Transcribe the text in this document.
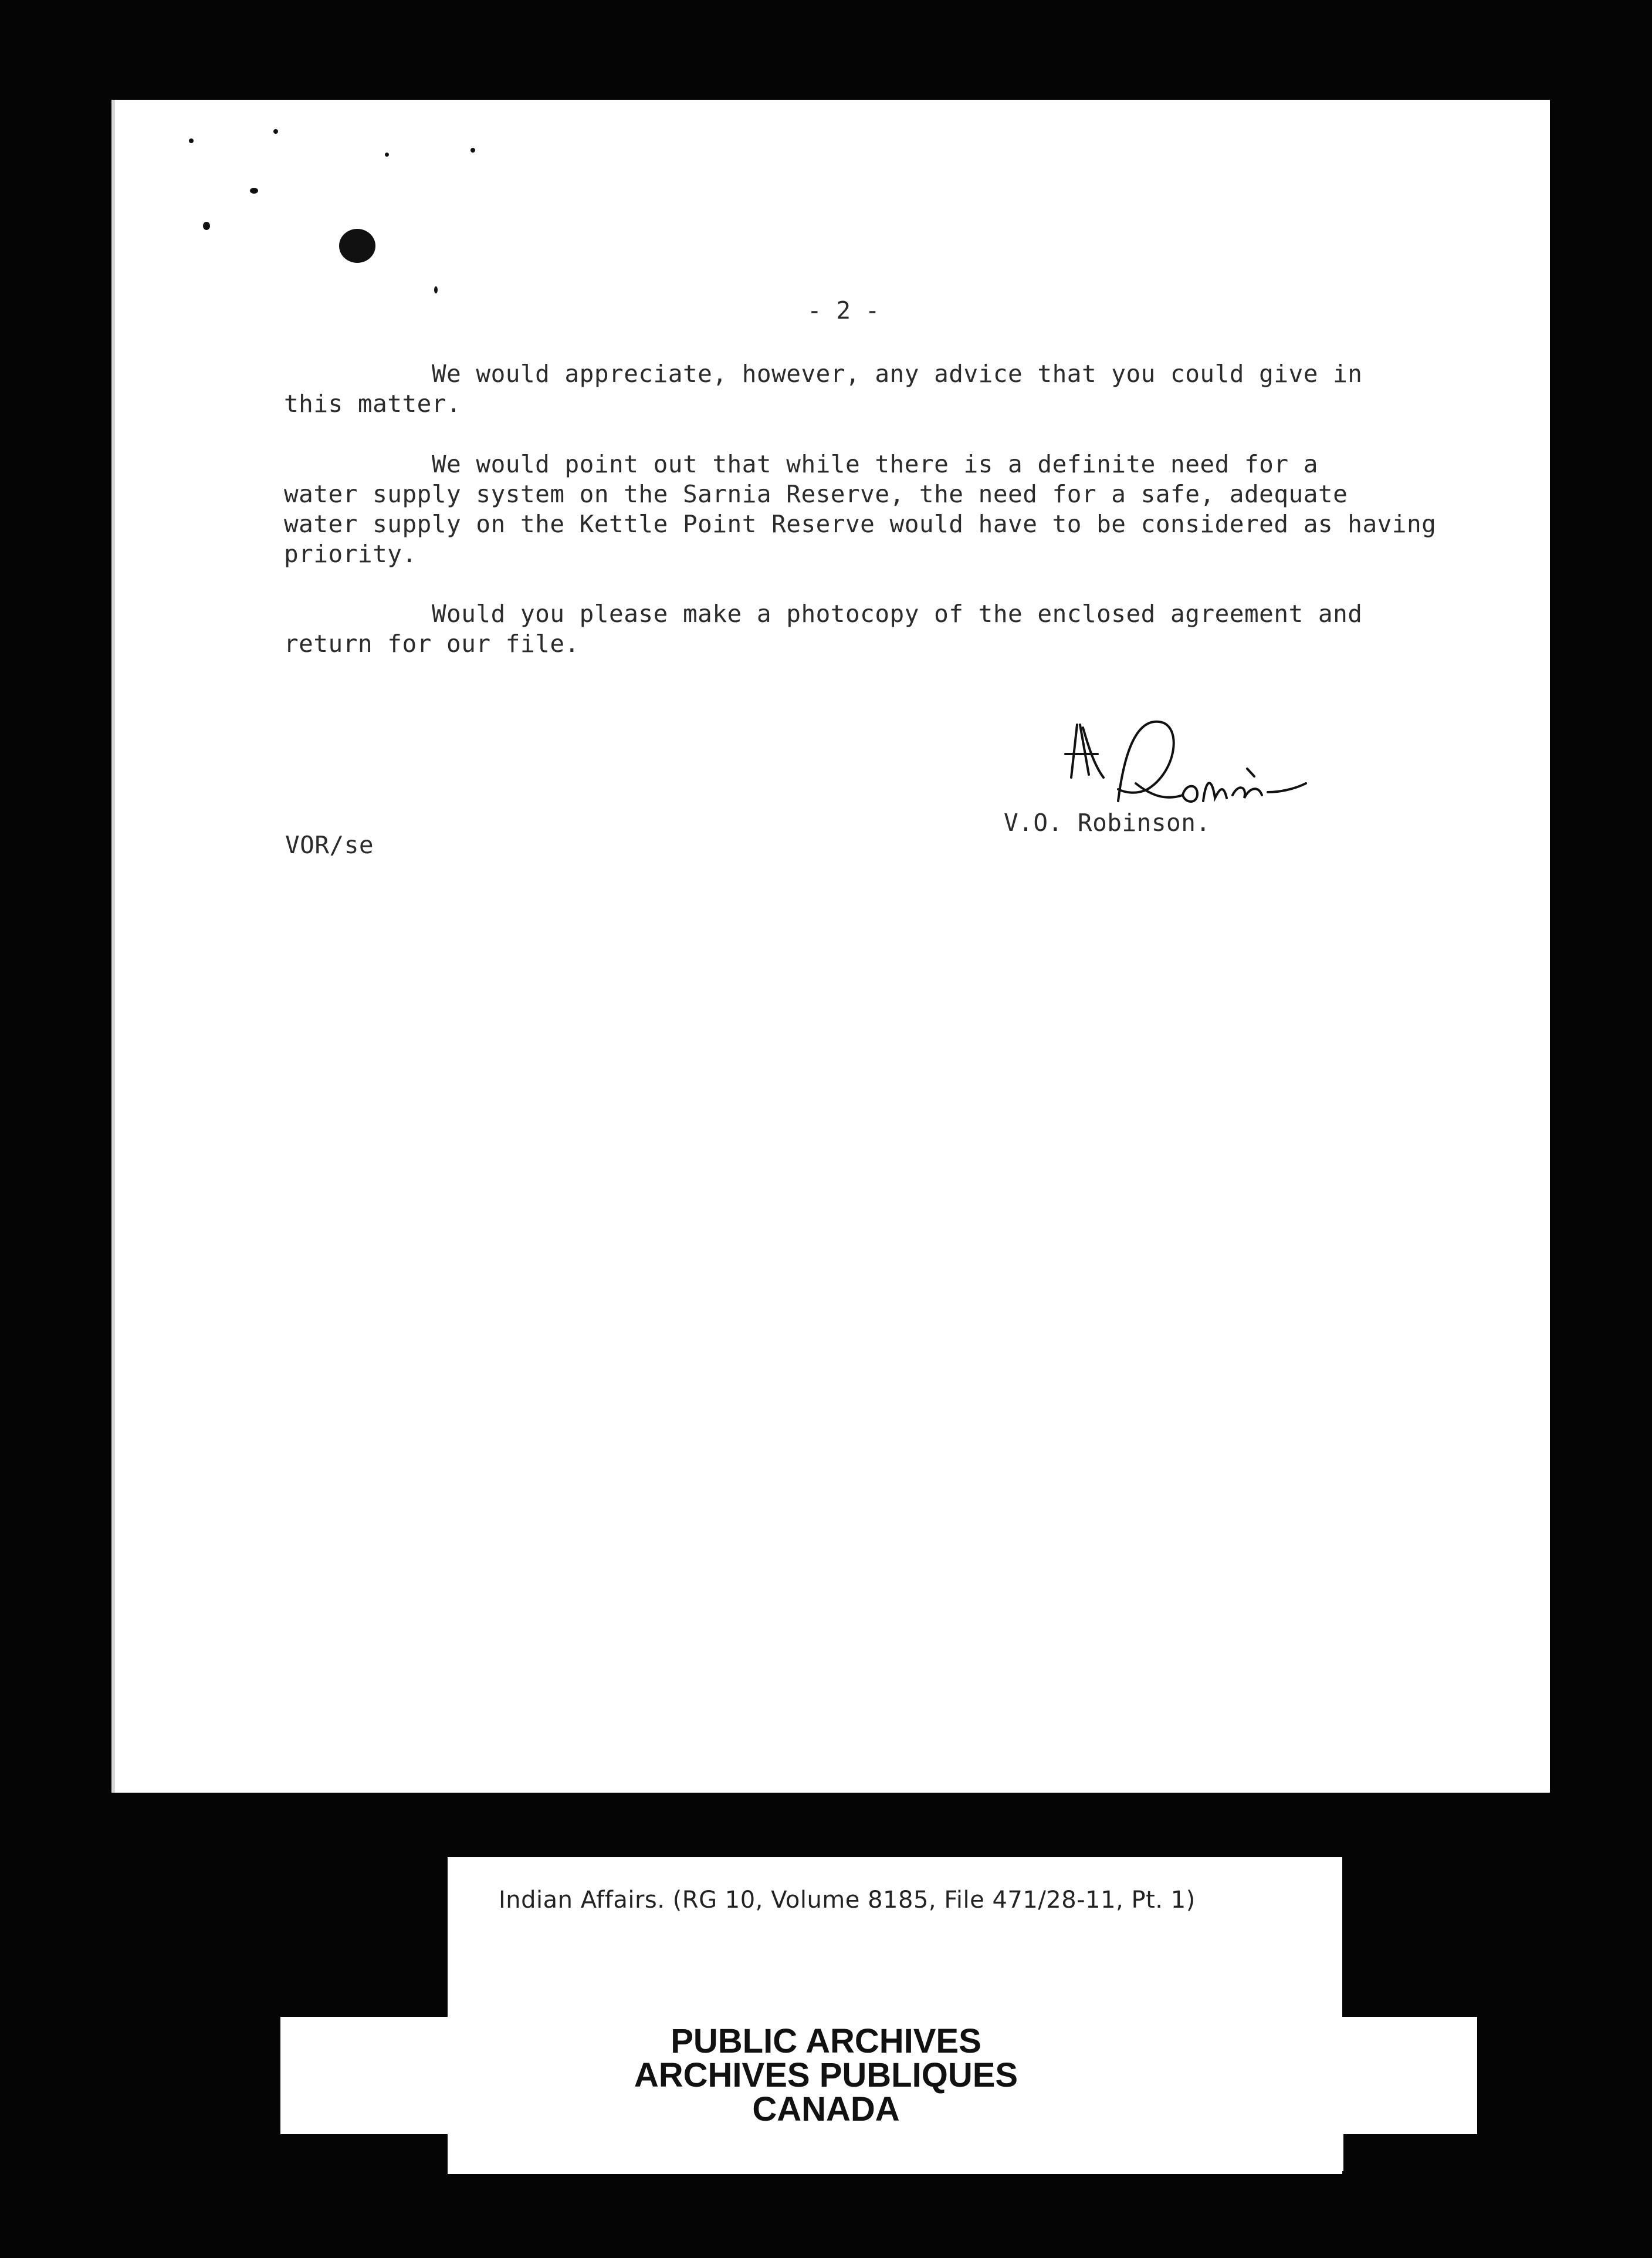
- 2 -
We would appreciate, however, any advice that you could give in
this matter.
We would point out that while there is a definite need for a
water supply system on the Sarnia Reserve, the need for a safe, adequate
water supply on the Kettle Point Reserve would have to be considered as having
priority.
Would you please make a photocopy of the enclosed agreement and
return for our file.
V.O. Robinson.
VOR/se
Indian Affairs. (RG 10, Volume 8185, File 471/28-11, Pt. 1)
PUBLIC ARCHIVES
ARCHIVES PUBLIQUES
CANADA
